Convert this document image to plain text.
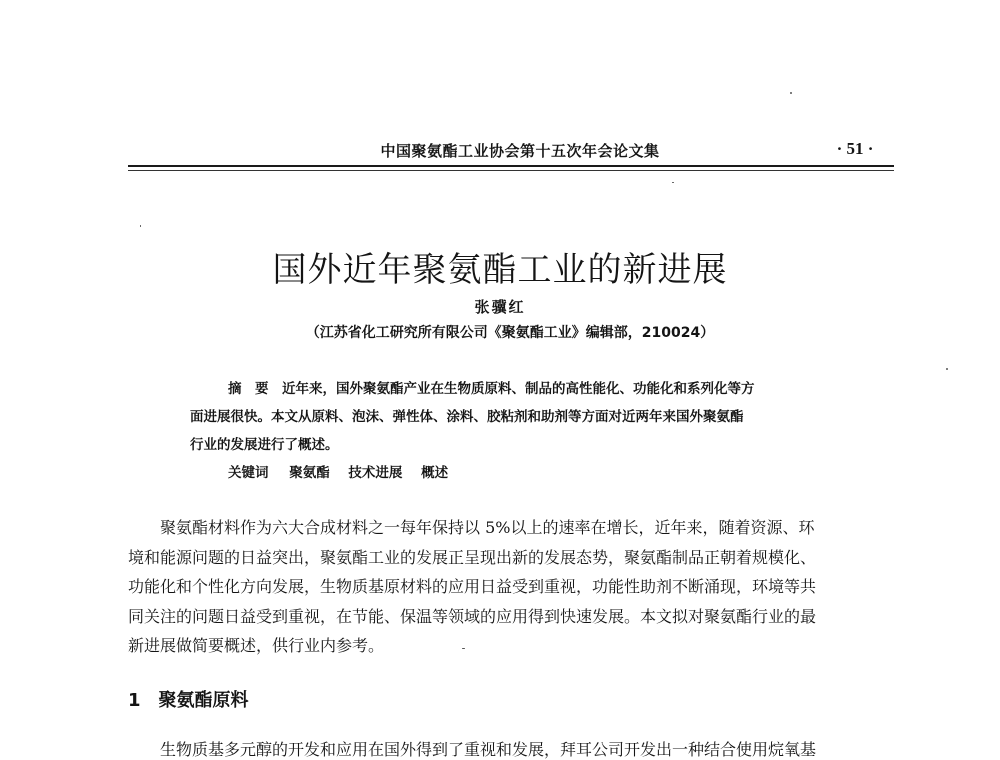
中国聚氨酯工业协会第十五次年会论文集	· 51 ·
国外近年聚氨酯工业的新进展
张骥红
（江苏省化工研究所有限公司《聚氨酯工业》编辑部，210024）

摘　要　 近年来，国外聚氨酯产业在生物质原料、制品的高性能化、功能化和系列化等方

面进展很快。本文从原料、泡沫、弹性体、涂料、胶粘剂和助剂等方面对近两年来国外聚氨酯

行业的发展进行了概述。

关键词 聚氨酯 技术进展 概述

聚氨酯材料作为六大合成材料之一每年保持以 5%以上的速率在增长，近年来，随着资源、环

境和能源问题的日益突出，聚氨酯工业的发展正呈现出新的发展态势，聚氨酯制品正朝着规模化、

功能化和个性化方向发展，生物质基原材料的应用日益受到重视，功能性助剂不断涌现，环境等共

同关注的问题日益受到重视，在节能、保温等领域的应用得到快速发展。本文拟对聚氨酯行业的最

新进展做简要概述，供行业内参考。

1 聚氨酯原料
生物质基多元醇的开发和应用在国外得到了重视和发展，拜耳公司开发出一种结合使用烷氧基
